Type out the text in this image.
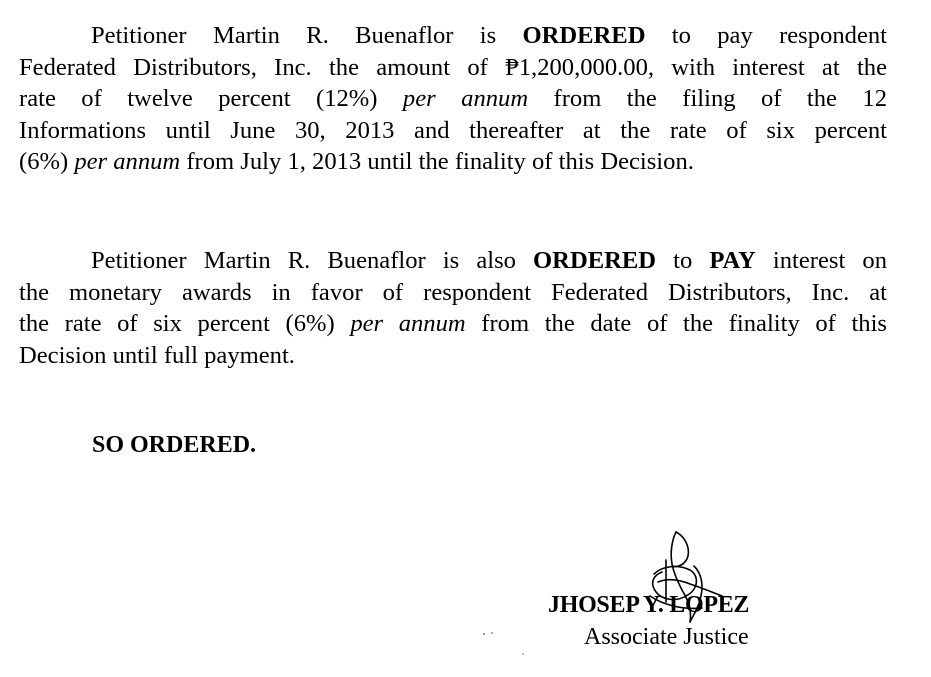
Petitioner Martin R. Buenaflor is ORDERED to pay respondent
Federated Distributors, Inc. the amount of ₱1,200,000.00, with interest at the
rate of twelve percent (12%) per annum from the filing of the 12
Informations until June 30, 2013 and thereafter at the rate of six percent
(6%) per annum from July 1, 2013 until the finality of this Decision.
Petitioner Martin R. Buenaflor is also ORDERED to PAY interest on
the monetary awards in favor of respondent Federated Distributors, Inc. at
the rate of six percent (6%) per annum from the date of the finality of this
Decision until full payment.

SO ORDERED.

JHOSEP Y. LOPEZ
Associate Justice
